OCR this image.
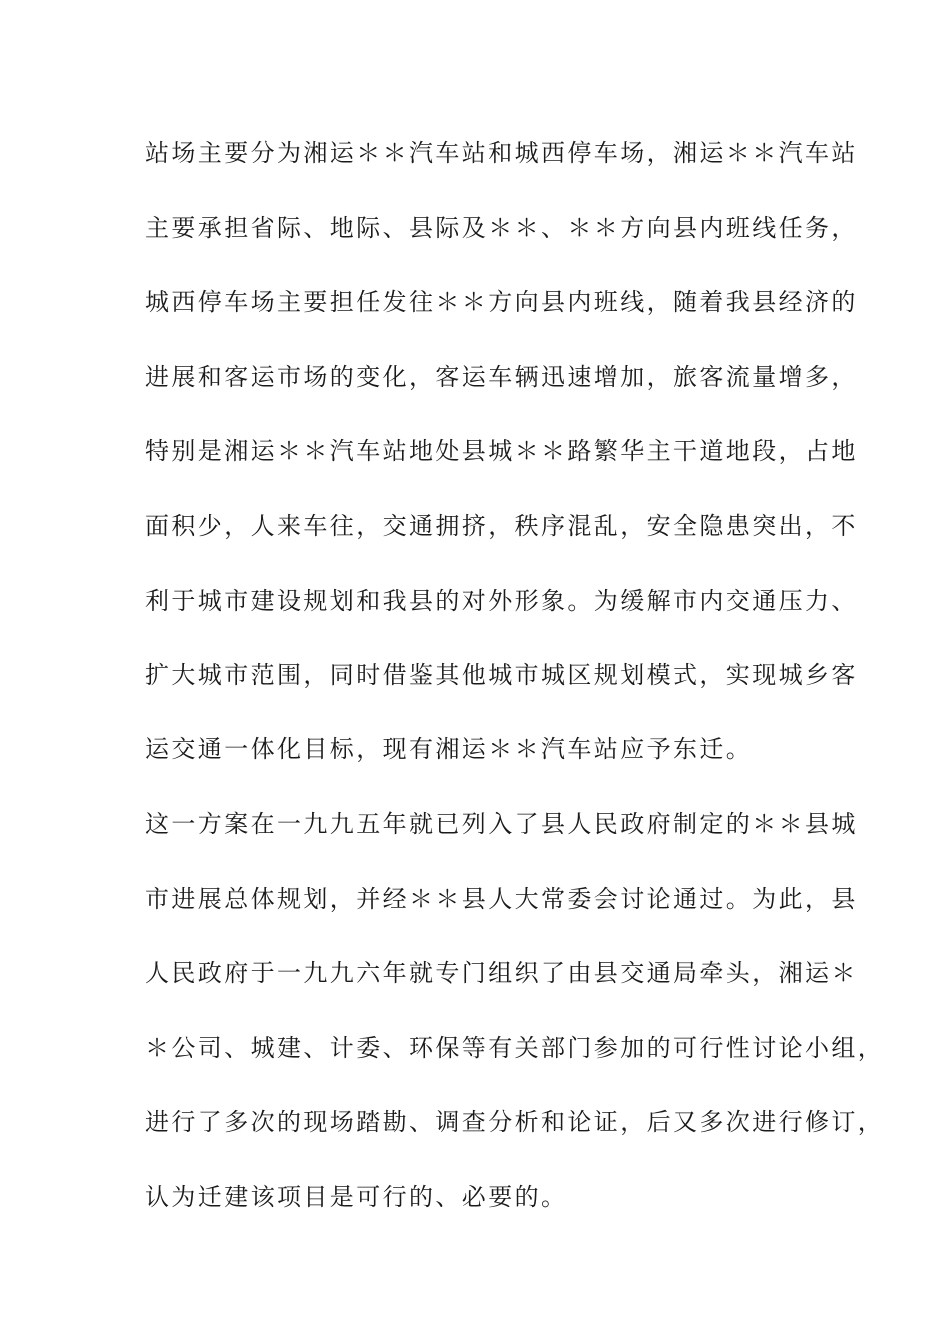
站场主要分为湘运＊＊汽车站和城西停车场，湘运＊＊汽车站
主要承担省际、地际、县际及＊＊、＊＊方向县内班线任务，
城西停车场主要担任发往＊＊方向县内班线，随着我县经济的
进展和客运市场的变化，客运车辆迅速增加，旅客流量增多，
特别是湘运＊＊汽车站地处县城＊＊路繁华主干道地段，占地
面积少，人来车往，交通拥挤，秩序混乱，安全隐患突出，不
利于城市建设规划和我县的对外形象。为缓解市内交通压力、
扩大城市范围，同时借鉴其他城市城区规划模式，实现城乡客
运交通一体化目标，现有湘运＊＊汽车站应予东迁。
这一方案在一九九五年就已列入了县人民政府制定的＊＊县城
市进展总体规划，并经＊＊县人大常委会讨论通过。为此，县
人民政府于一九九六年就专门组织了由县交通局牵头，湘运＊
＊公司、城建、计委、环保等有关部门参加的可行性讨论小组，
进行了多次的现场踏勘、调查分析和论证，后又多次进行修订，
认为迁建该项目是可行的、必要的。
